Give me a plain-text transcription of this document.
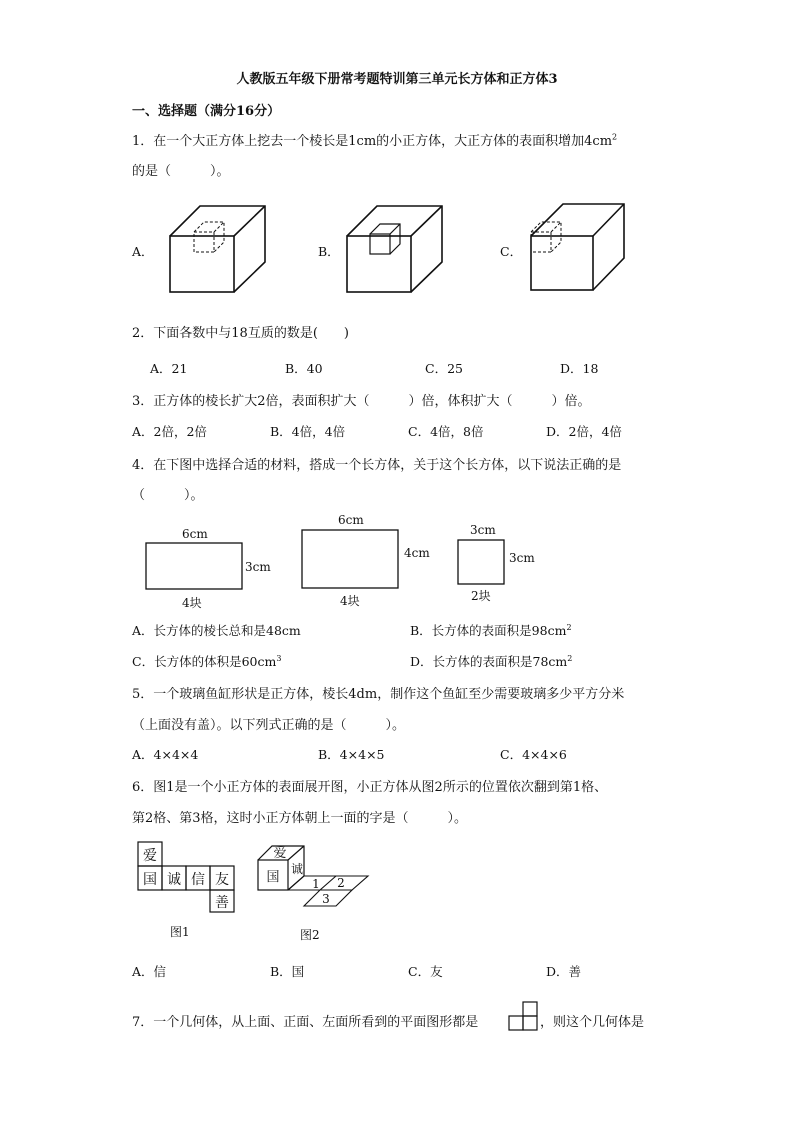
人教版五年级下册常考题特训第三单元长方体和正方体3
一、选择题（满分16分）
1．在一个大正方体上挖去一个棱长是1cm的小正方体，大正方体的表面积增加$4cm^2$
的是（　　　）。
A．	B．	C．
2．下面各数中与18互质的数是(　　)
A．21	B．40	C．25	D．18
3．正方体的棱长扩大2倍，表面积扩大（　　　）倍，体积扩大（　　　）倍。
A．2倍，2倍	B．4倍，4倍	C．4倍，8倍	D．2倍，4倍
4．在下图中选择合适的材料，搭成一个长方体，关于这个长方体，以下说法正确的是
（　　　）。
6cm
3cm
4块
6cm
4cm
4块
3cm
3cm
2块
A．长方体的棱长总和是48cm	B．长方体的表面积是$98cm^2$
C．长方体的体积是$60cm^3$	D．长方体的表面积是$78cm^2$
5．一个玻璃鱼缸形状是正方体，棱长4dm，制作这个鱼缸至少需要玻璃多少平方分米
（上面没有盖）。以下列式正确的是（　　　）。
A．4×4×4	B．4×4×5	C．4×4×6
6．图1是一个小正方体的表面展开图，小正方体从图2所示的位置依次翻到第1格、
第2格、第3格，这时小正方体朝上一面的字是（　　　）。
爱
国 诚 信 友
善
爱
国
诚
1 2
3
图1	图2
A．信	B．国	C．友	D．善
7．一个几何体，从上面、正面、左面所看到的平面图形都是	，则这个几何体是
